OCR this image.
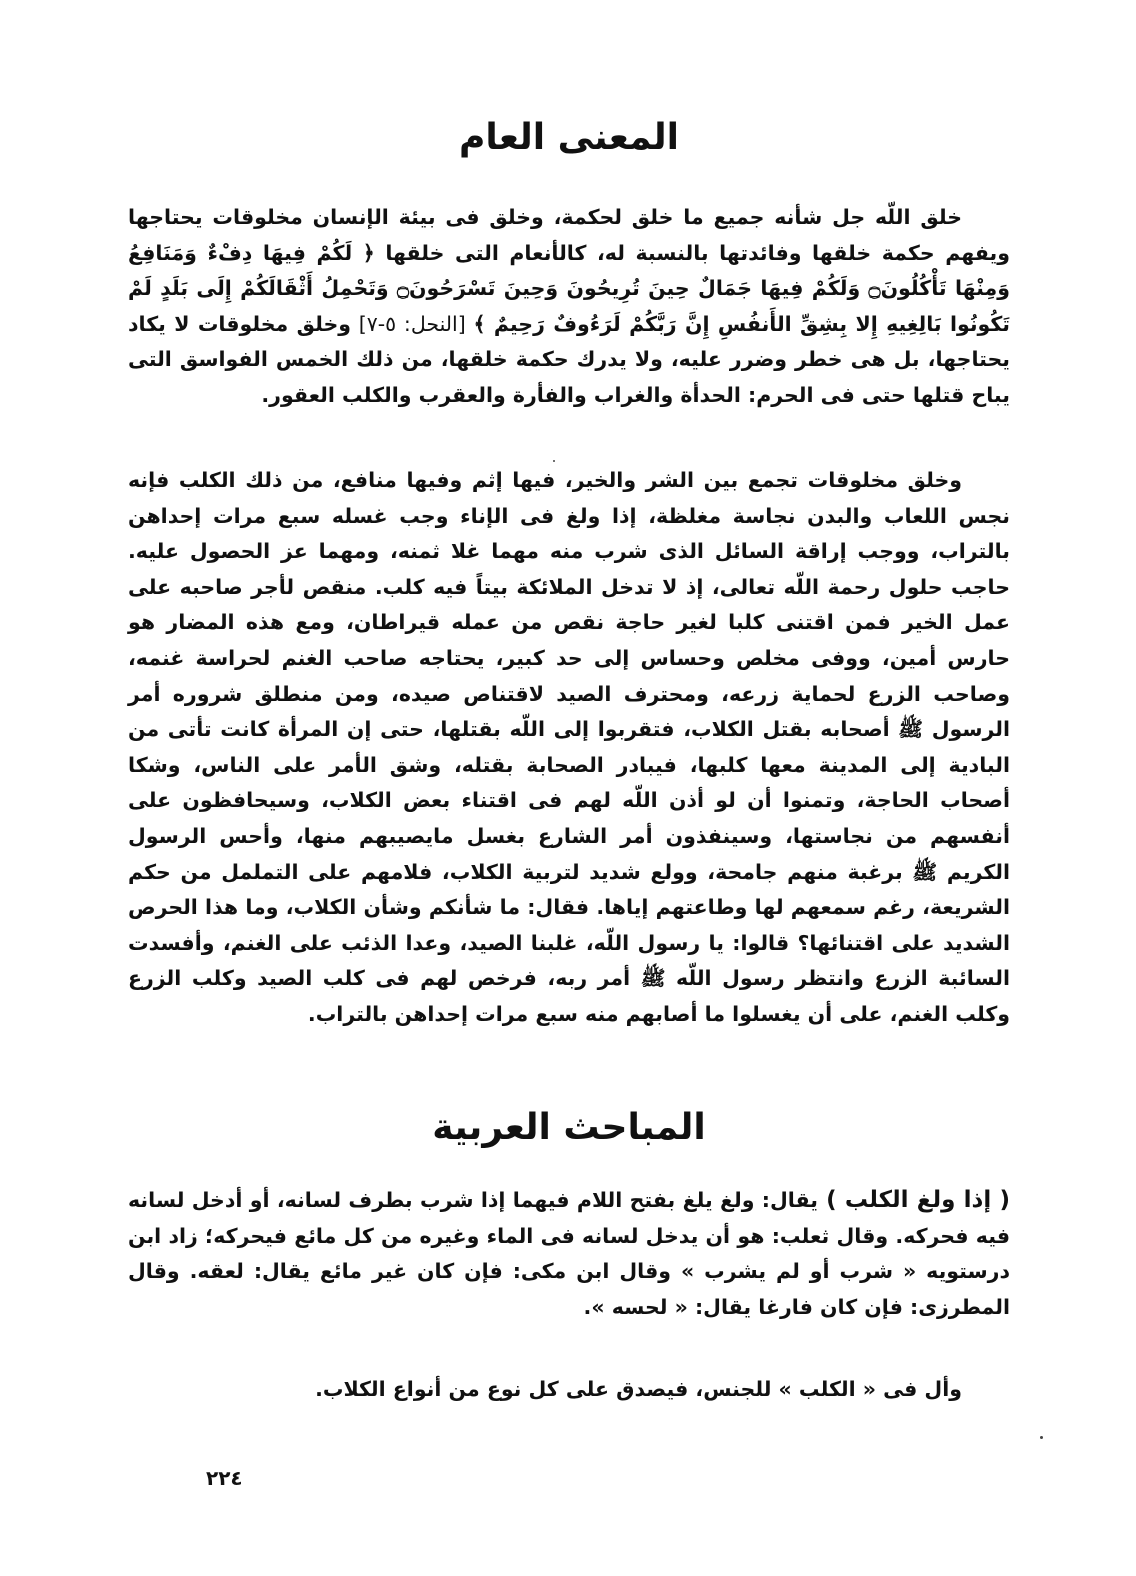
المعنى العام

خلق اللّه جل شأنه جميع ما خلق لحكمة، وخلق فى بيئة الإنسان مخلوقات يحتاجها ويفهم حكمة خلقها وفائدتها بالنسبة له، كالأنعام التى خلقها ﴿ لَكُمْ فِيهَا دِفْءٌ وَمَنَافِعُ وَمِنْهَا تَأْكُلُونَ۝ وَلَكُمْ فِيهَا جَمَالٌ حِينَ تُرِيحُونَ وَحِينَ تَسْرَحُونَ۝ وَتَحْمِلُ أَثْقَالَكُمْ إِلَى بَلَدٍ لَمْ تَكُونُوا بَالِغِيهِ إِلا بِشِقِّ الأَنفُسِ إِنَّ رَبَّكُمْ لَرَءُوفٌ رَحِيمٌ ﴾ [النحل: ٥-٧] وخلق مخلوقات لا يكاد يحتاجها، بل هى خطر وضرر عليه، ولا يدرك حكمة خلقها، من ذلك الخمس الفواسق التى يباح قتلها حتى فى الحرم: الحدأة والغراب والفأرة والعقرب والكلب العقور.

وخلق مخلوقات تجمع بين الشر والخير، فيها إثم وفيها منافع، من ذلك الكلب فإنه نجس اللعاب والبدن نجاسة مغلظة، إذا ولغ فى الإناء وجب غسله سبع مرات إحداهن بالتراب، ووجب إراقة السائل الذى شرب منه مهما غلا ثمنه، ومهما عز الحصول عليه. حاجب حلول رحمة اللّه تعالى، إذ لا تدخل الملائكة بيتاً فيه كلب. منقص لأجر صاحبه على عمل الخير فمن اقتنى كلبا لغير حاجة نقص من عمله قيراطان، ومع هذه المضار هو حارس أمين، ووفى مخلص وحساس إلى حد كبير، يحتاجه صاحب الغنم لحراسة غنمه، وصاحب الزرع لحماية زرعه، ومحترف الصيد لاقتناص صيده، ومن منطلق شروره أمر الرسول ﷺ أصحابه بقتل الكلاب، فتقربوا إلى اللّه بقتلها، حتى إن المرأة كانت تأتى من البادية إلى المدينة معها كلبها، فيبادر الصحابة بقتله، وشق الأمر على الناس، وشكا أصحاب الحاجة، وتمنوا أن لو أذن اللّه لهم فى اقتناء بعض الكلاب، وسيحافظون على أنفسهم من نجاستها، وسينفذون أمر الشارع بغسل مايصيبهم منها، وأحس الرسول الكريم ﷺ برغبة منهم جامحة، وولع شديد لتربية الكلاب، فلامهم على التململ من حكم الشريعة، رغم سمعهم لها وطاعتهم إياها. فقال: ما شأنكم وشأن الكلاب، وما هذا الحرص الشديد على اقتنائها؟ قالوا: يا رسول اللّه، غلبنا الصيد، وعدا الذئب على الغنم، وأفسدت السائبة الزرع وانتظر رسول اللّه ﷺ أمر ربه، فرخص لهم فى كلب الصيد وكلب الزرع وكلب الغنم، على أن يغسلوا ما أصابهم منه سبع مرات إحداهن بالتراب.

المباحث العربية

( إذا ولغ الكلب ) يقال: ولغ يلغ بفتح اللام فيهما إذا شرب بطرف لسانه، أو أدخل لسانه فيه فحركه. وقال ثعلب: هو أن يدخل لسانه فى الماء وغيره من كل مائع فيحركه؛ زاد ابن درستويه « شرب أو لم يشرب » وقال ابن مكى: فإن كان غير مائع يقال: لعقه. وقال المطرزى: فإن كان فارغا يقال: « لحسه ».

وأل فى « الكلب » للجنس، فيصدق على كل نوع من أنواع الكلاب.

٢٢٤
